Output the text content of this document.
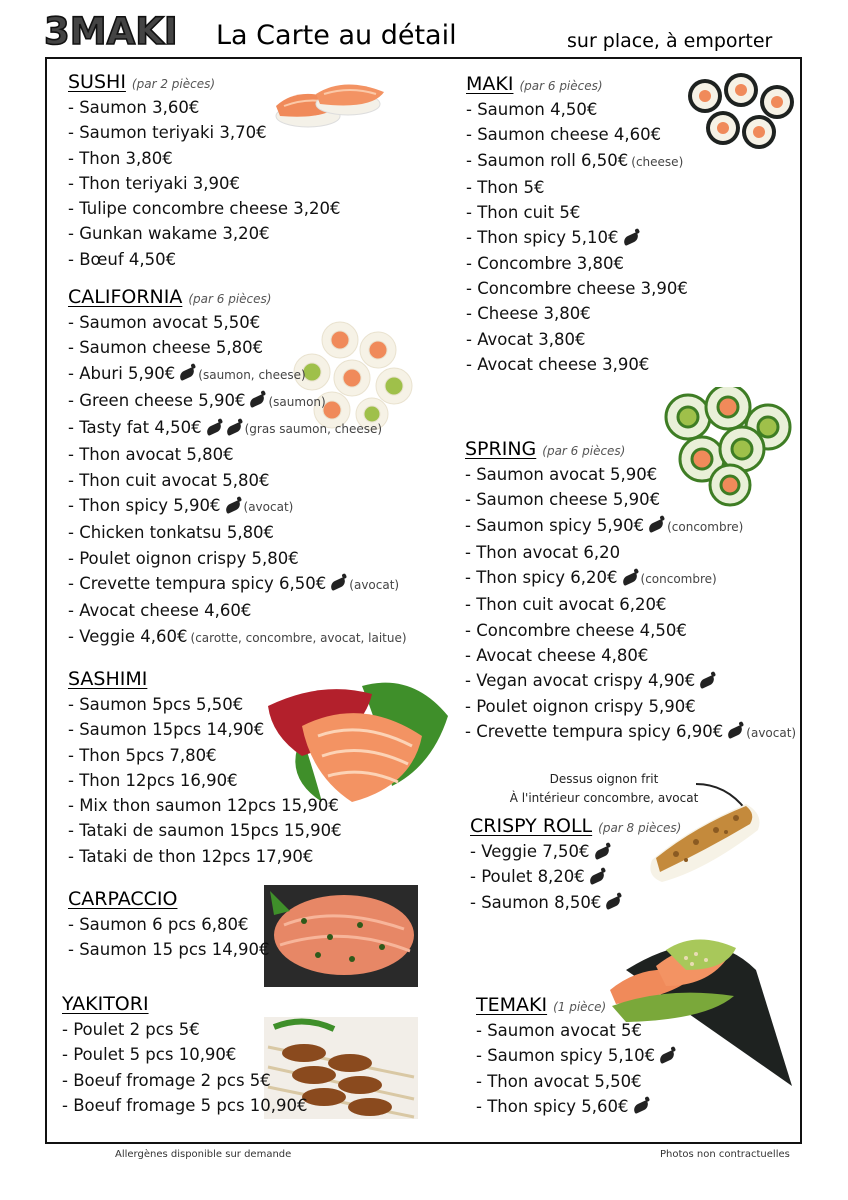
3MAKI La Carte au détail	sur place, à emporter
SUSHI (par 2 pièces)
- Saumon 3,60€
- Saumon teriyaki 3,70€
- Thon 3,80€
- Thon teriyaki 3,90€
- Tulipe concombre cheese 3,20€
- Gunkan wakame 3,20€
- Bœuf 4,50€
CALIFORNIA (par 6 pièces)
- Saumon avocat 5,50€
- Saumon cheese 5,80€
- Aburi 5,90€ (saumon, cheese)
- Green cheese 5,90€ (saumon)
- Tasty fat 4,50€	(gras saumon, cheese)
- Thon avocat 5,80€
- Thon cuit avocat 5,80€
- Thon spicy 5,90€ (avocat)
- Chicken tonkatsu 5,80€
- Poulet oignon crispy 5,80€
- Crevette tempura spicy 6,50€ (avocat)
- Avocat cheese 4,60€
- Veggie 4,60€ (carotte, concombre, avocat, laitue)
SASHIMI
- Saumon 5pcs 5,50€
- Saumon 15pcs 14,90€
- Thon 5pcs 7,80€
- Thon 12pcs 16,90€
- Mix thon saumon 12pcs 15,90€
- Tataki de saumon 15pcs 15,90€
- Tataki de thon 12pcs 17,90€
CARPACCIO
- Saumon 6 pcs 6,80€
- Saumon 15 pcs 14,90€
YAKITORI
- Poulet 2 pcs 5€
- Poulet 5 pcs 10,90€
- Boeuf fromage 2 pcs 5€
- Boeuf fromage 5 pcs 10,90€
MAKI (par 6 pièces)
- Saumon 4,50€
- Saumon cheese 4,60€
- Saumon roll 6,50€ (cheese)
- Thon 5€
- Thon cuit 5€
- Thon spicy 5,10€
- Concombre 3,80€
- Concombre cheese 3,90€
- Cheese 3,80€
- Avocat 3,80€
- Avocat cheese 3,90€
SPRING (par 6 pièces)
- Saumon avocat 5,90€
- Saumon cheese 5,90€
- Saumon spicy 5,90€ (concombre)
- Thon avocat 6,20
- Thon spicy 6,20€ (concombre)
- Thon cuit avocat 6,20€
- Concombre cheese 4,50€
- Avocat cheese 4,80€
- Vegan avocat crispy 4,90€
- Poulet oignon crispy 5,90€
- Crevette tempura spicy 6,90€ (avocat)
Dessus oignon frit
À l'intérieur concombre, avocat
CRISPY ROLL (par 8 pièces)
- Veggie 7,50€
- Poulet 8,20€
- Saumon 8,50€
TEMAKI (1 pièce)
- Saumon avocat 5€
- Saumon spicy 5,10€
- Thon avocat 5,50€
- Thon spicy 5,60€
Allergènes disponible sur demande	Photos non contractuelles
